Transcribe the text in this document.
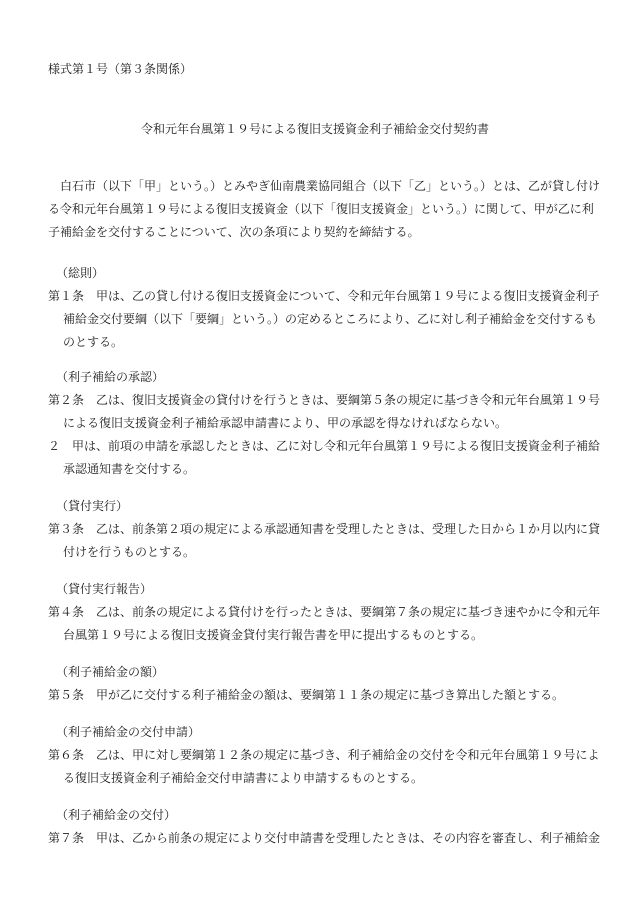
様式第１号（第３条関係）
令和元年台風第１９号による復旧支援資金利子補給金交付契約書
　白石市（以下「甲」という。）とみやぎ仙南農業協同組合（以下「乙」という。）とは、乙が貸し付け
る令和元年台風第１９号による復旧支援資金（以下「復旧支援資金」という。）に関して、甲が乙に利
子補給金を交付することについて、次の条項により契約を締結する。
（総則）
第１条　甲は、乙の貸し付ける復旧支援資金について、令和元年台風第１９号による復旧支援資金利子
補給金交付要綱（以下「要綱」という。）の定めるところにより、乙に対し利子補給金を交付するも
のとする。
（利子補給の承認）
第２条　乙は、復旧支援資金の貸付けを行うときは、要綱第５条の規定に基づき令和元年台風第１９号
による復旧支援資金利子補給承認申請書により、甲の承認を得なければならない。
２　甲は、前項の申請を承認したときは、乙に対し令和元年台風第１９号による復旧支援資金利子補給
承認通知書を交付する。
（貸付実行）
第３条　乙は、前条第２項の規定による承認通知書を受理したときは、受理した日から１か月以内に貸
付けを行うものとする。
（貸付実行報告）
第４条　乙は、前条の規定による貸付けを行ったときは、要綱第７条の規定に基づき速やかに令和元年
台風第１９号による復旧支援資金貸付実行報告書を甲に提出するものとする。
（利子補給金の額）
第５条　甲が乙に交付する利子補給金の額は、要綱第１１条の規定に基づき算出した額とする。
（利子補給金の交付申請）
第６条　乙は、甲に対し要綱第１２条の規定に基づき、利子補給金の交付を令和元年台風第１９号によ
る復旧支援資金利子補給金交付申請書により申請するものとする。
（利子補給金の交付）
第７条　甲は、乙から前条の規定により交付申請書を受理したときは、その内容を審査し、利子補給金
